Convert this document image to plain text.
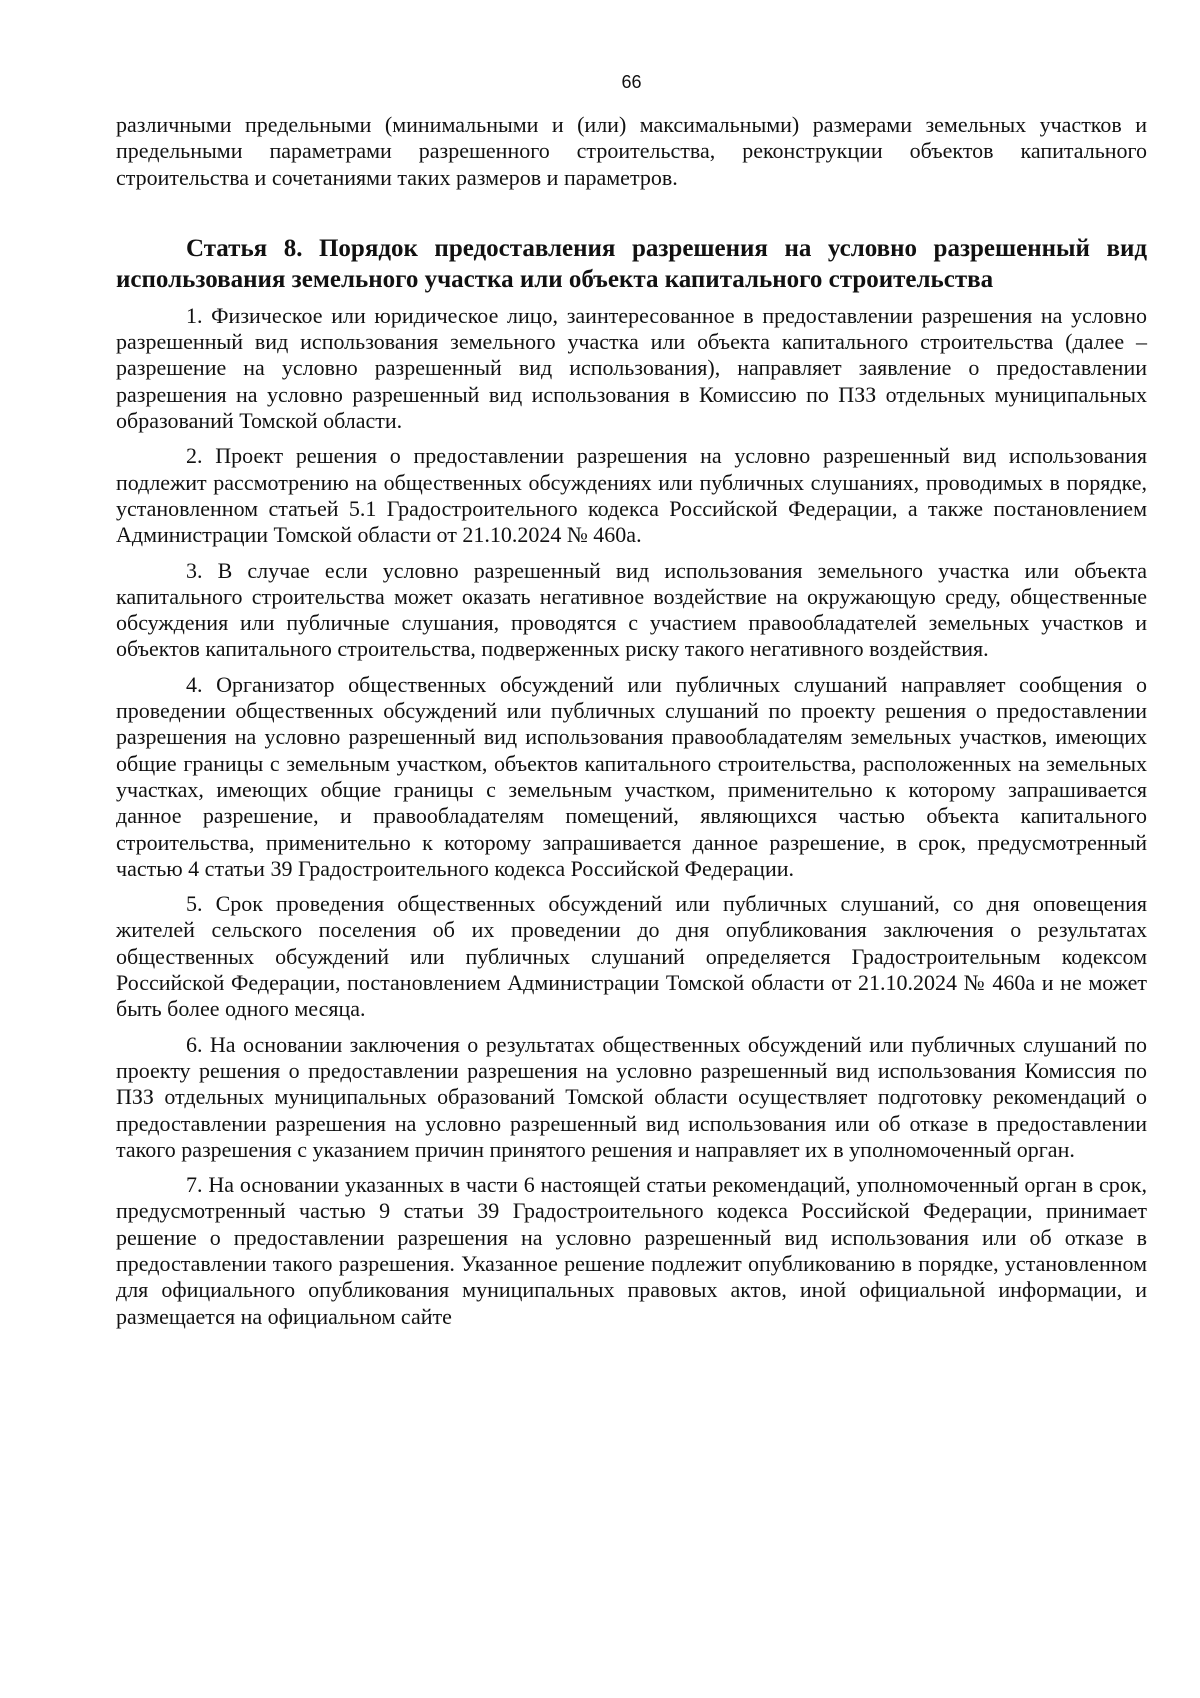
66

различными предельными (минимальными и (или) максимальными) размерами земельных участков и предельными параметрами разрешенного строительства, реконструкции объектов капитального строительства и сочетаниями таких размеров и параметров.

Статья 8. Порядок предоставления разрешения на условно разрешенный вид использования земельного участка или объекта капитального строительства

1. Физическое или юридическое лицо, заинтересованное в предоставлении разрешения на условно разрешенный вид использования земельного участка или объекта капитального строительства (далее – разрешение на условно разрешенный вид использования), направляет заявление о предоставлении разрешения на условно разрешенный вид использования в Комиссию по ПЗЗ отдельных муниципальных образований Томской области.

2. Проект решения о предоставлении разрешения на условно разрешенный вид использования подлежит рассмотрению на общественных обсуждениях или публичных слушаниях, проводимых в порядке, установленном статьей 5.1 Градостроительного кодекса Российской Федерации, а также постановлением Администрации Томской области от 21.10.2024 № 460а.

3. В случае если условно разрешенный вид использования земельного участка или объекта капитального строительства может оказать негативное воздействие на окружающую среду, общественные обсуждения или публичные слушания, проводятся с участием правообладателей земельных участков и объектов капитального строительства, подверженных риску такого негативного воздействия.

4. Организатор общественных обсуждений или публичных слушаний направляет сообщения о проведении общественных обсуждений или публичных слушаний по проекту решения о предоставлении разрешения на условно разрешенный вид использования правообладателям земельных участков, имеющих общие границы с земельным участком, объектов капитального строительства, расположенных на земельных участках, имеющих общие границы с земельным участком, применительно к которому запрашивается данное разрешение, и правообладателям помещений, являющихся частью объекта капитального строительства, применительно к которому запрашивается данное разрешение, в срок, предусмотренный частью 4 статьи 39 Градостроительного кодекса Российской Федерации.

5. Срок проведения общественных обсуждений или публичных слушаний, со дня оповещения жителей сельского поселения об их проведении до дня опубликования заключения о результатах общественных обсуждений или публичных слушаний определяется Градостроительным кодексом Российской Федерации, постановлением Администрации Томской области от 21.10.2024 № 460а и не может быть более одного месяца.

6. На основании заключения о результатах общественных обсуждений или публичных слушаний по проекту решения о предоставлении разрешения на условно разрешенный вид использования Комиссия по ПЗЗ отдельных муниципальных образований Томской области осуществляет подготовку рекомендаций о предоставлении разрешения на условно разрешенный вид использования или об отказе в предоставлении такого разрешения с указанием причин принятого решения и направляет их в уполномоченный орган.

7. На основании указанных в части 6 настоящей статьи рекомендаций, уполномоченный орган в срок, предусмотренный частью 9 статьи 39 Градостроительного кодекса Российской Федерации, принимает решение о предоставлении разрешения на условно разрешенный вид использования или об отказе в предоставлении такого разрешения. Указанное решение подлежит опубликованию в порядке, установленном для официального опубликования муниципальных правовых актов, иной официальной информации, и размещается на официальном сайте
